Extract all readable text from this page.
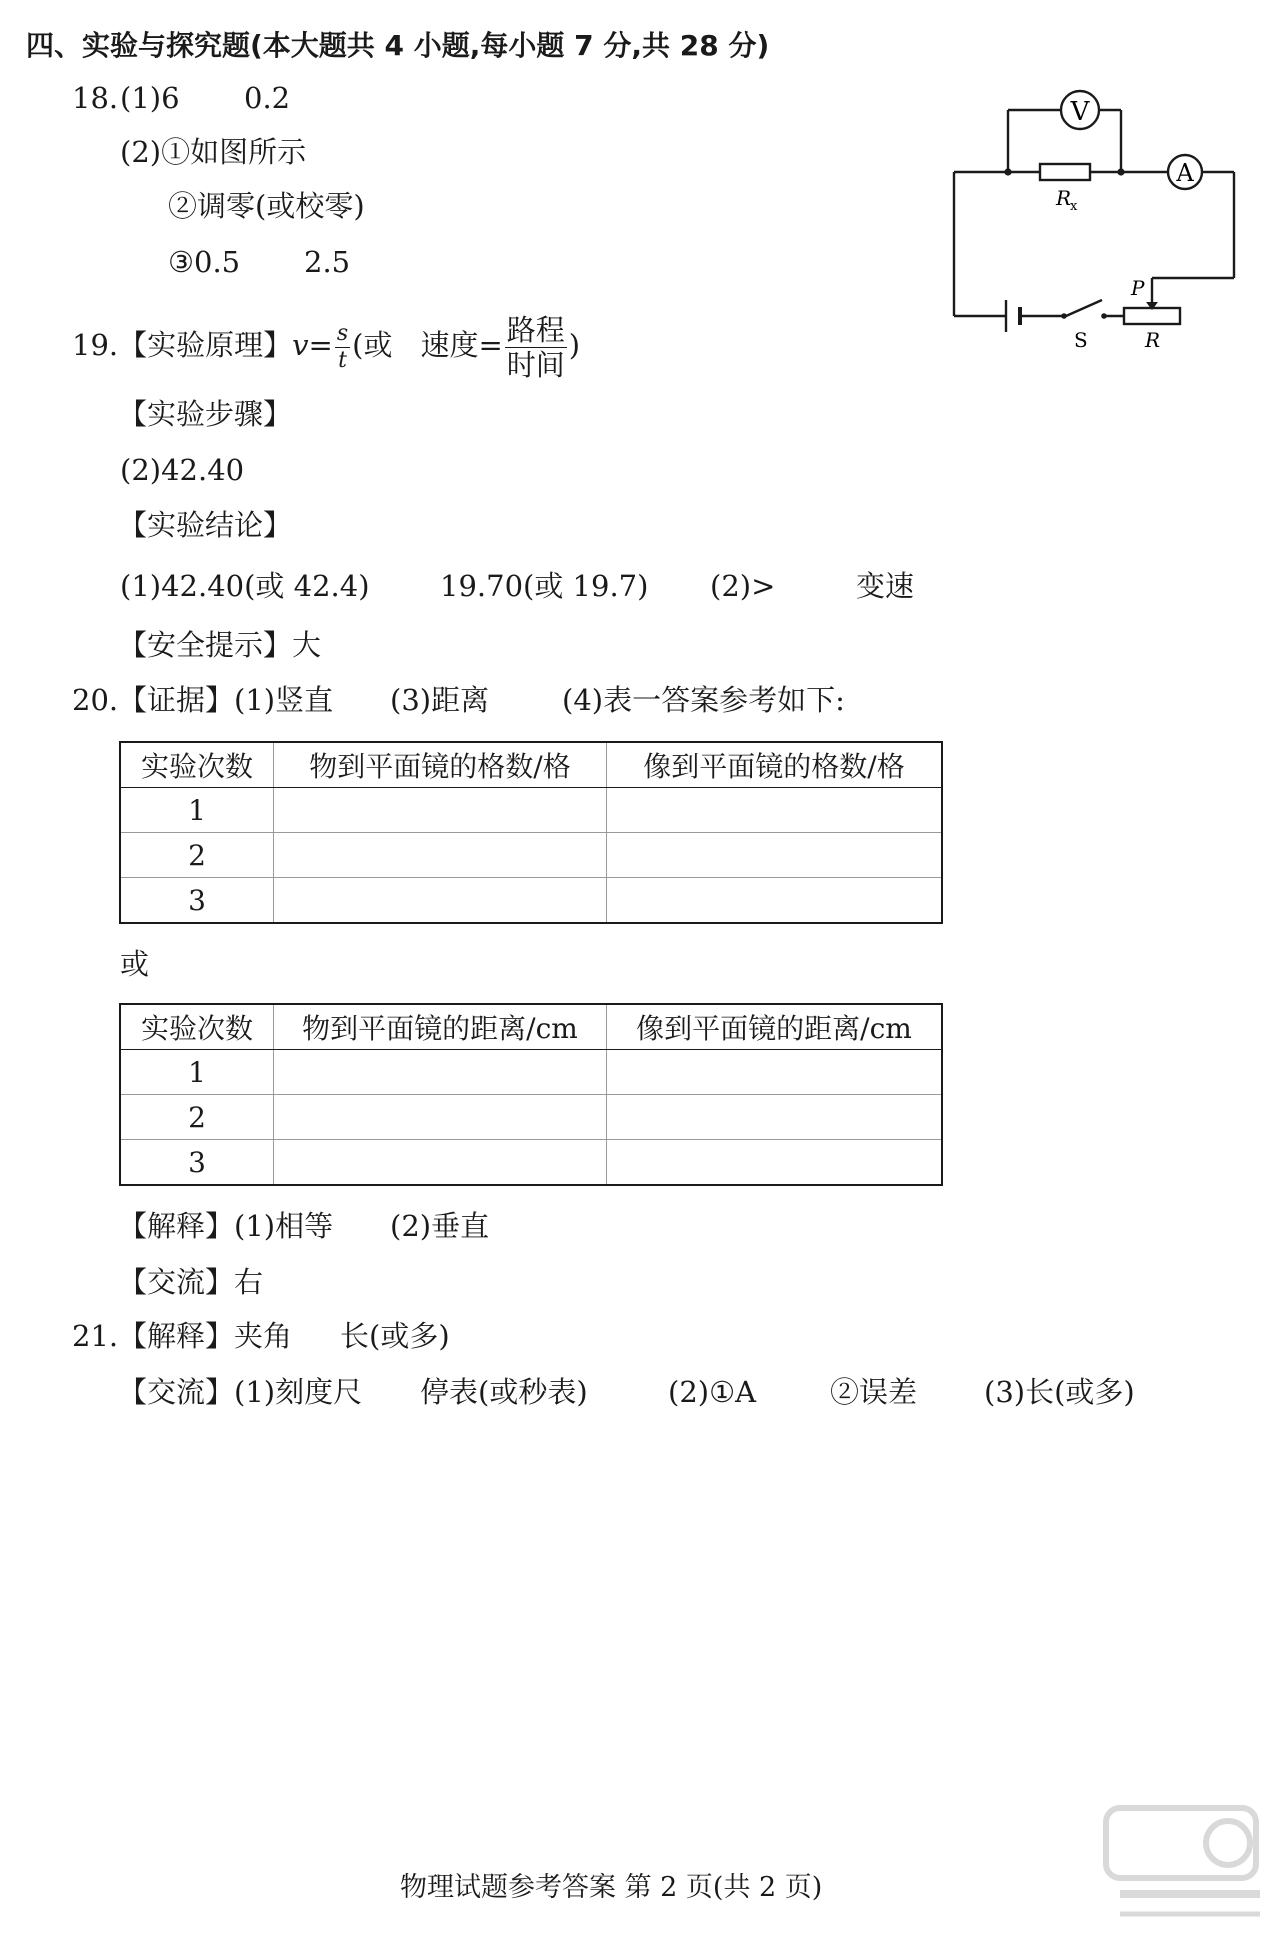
四、实验与探究题(本大题共 4 小题,每小题 7 分,共 28 分)
18. (1)6 0.2
(2)①如图所示
②调零(或校零)
③0.5 2.5
V
A
R
x
S
P
R
19.【实验原理】$v= \frac{s}{t}$ (或 速度= $\frac{\text{路程}}{\text{时间}}$ )
【实验步骤】
(2)42.40
【实验结论】
(1)42.40(或 42.4) 19.70(或 19.7) (2)>	变速
【安全提示】大
20. 【证据】(1)竖直 (3)距离	(4)表一答案参考如下:
实验次数	物到平面镜的格数/格	像到平面镜的格数/格
1		
2		
3		
或
实验次数	物到平面镜的距离/cm	像到平面镜的距离/cm
1		
2		
3		
【解释】(1)相等 (2)垂直
【交流】右
21. 【解释】夹角 长(或多)
【交流】(1)刻度尺 停表(或秒表)	(2)①A	②误差 (3)长(或多)
物理试题参考答案 第 2 页(共 2 页)
